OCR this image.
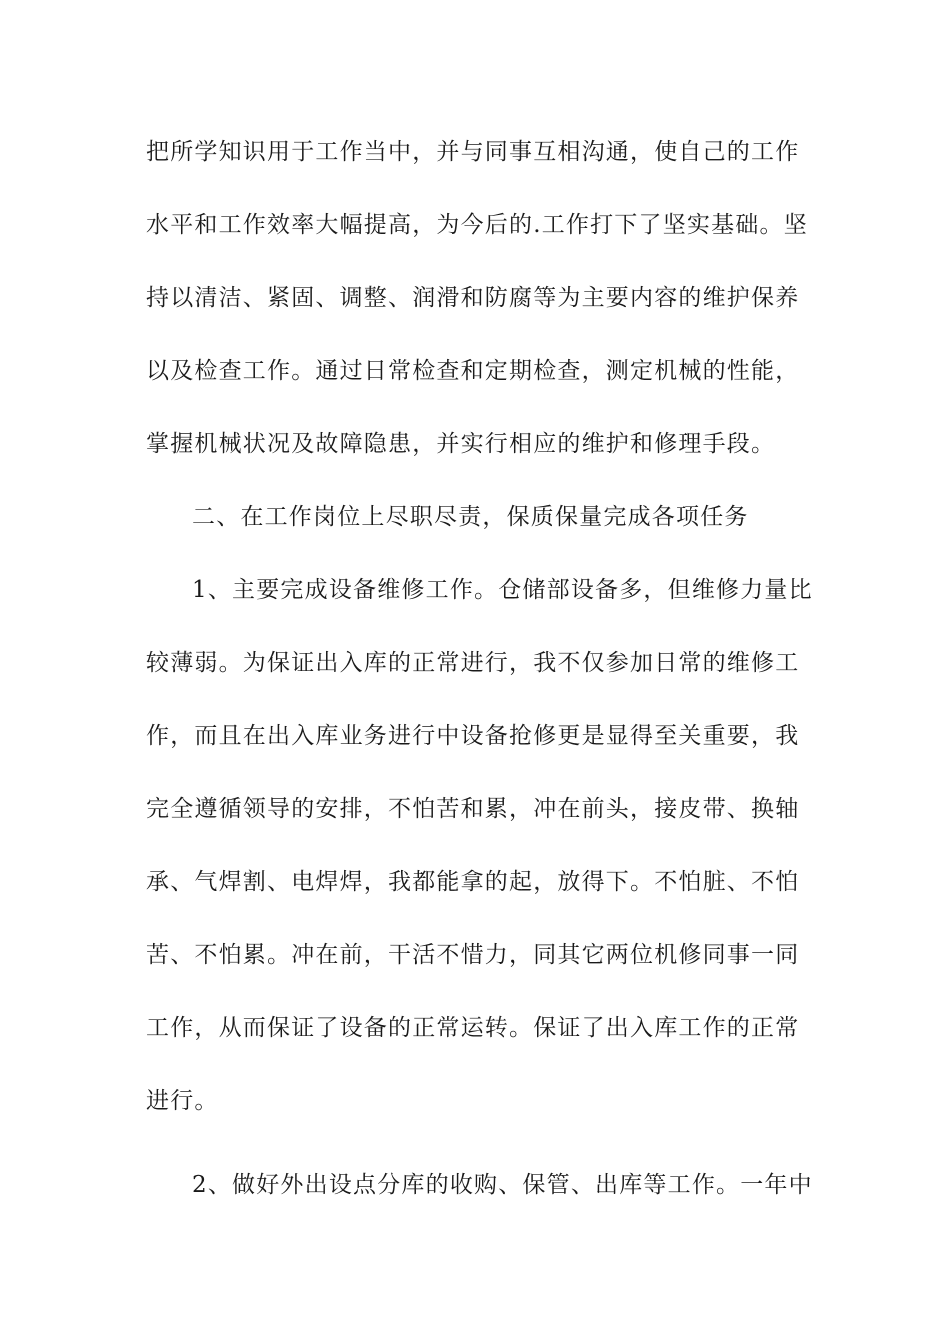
把所学知识用于工作当中，并与同事互相沟通，使自己的工作
水平和工作效率大幅提高，为今后的.工作打下了坚实基础。坚
持以清洁、紧固、调整、润滑和防腐等为主要内容的维护保养
以及检查工作。通过日常检查和定期检查，测定机械的性能，
掌握机械状况及故障隐患，并实行相应的维护和修理手段。
二、在工作岗位上尽职尽责，保质保量完成各项任务
1、主要完成设备维修工作。仓储部设备多，但维修力量比
较薄弱。为保证出入库的正常进行，我不仅参加日常的维修工
作，而且在出入库业务进行中设备抢修更是显得至关重要，我
完全遵循领导的安排，不怕苦和累，冲在前头，接皮带、换轴
承、气焊割、电焊焊，我都能拿的起，放得下。不怕脏、不怕
苦、不怕累。冲在前，干活不惜力，同其它两位机修同事一同
工作，从而保证了设备的正常运转。保证了出入库工作的正常
进行。
2、做好外出设点分库的收购、保管、出库等工作。一年中
